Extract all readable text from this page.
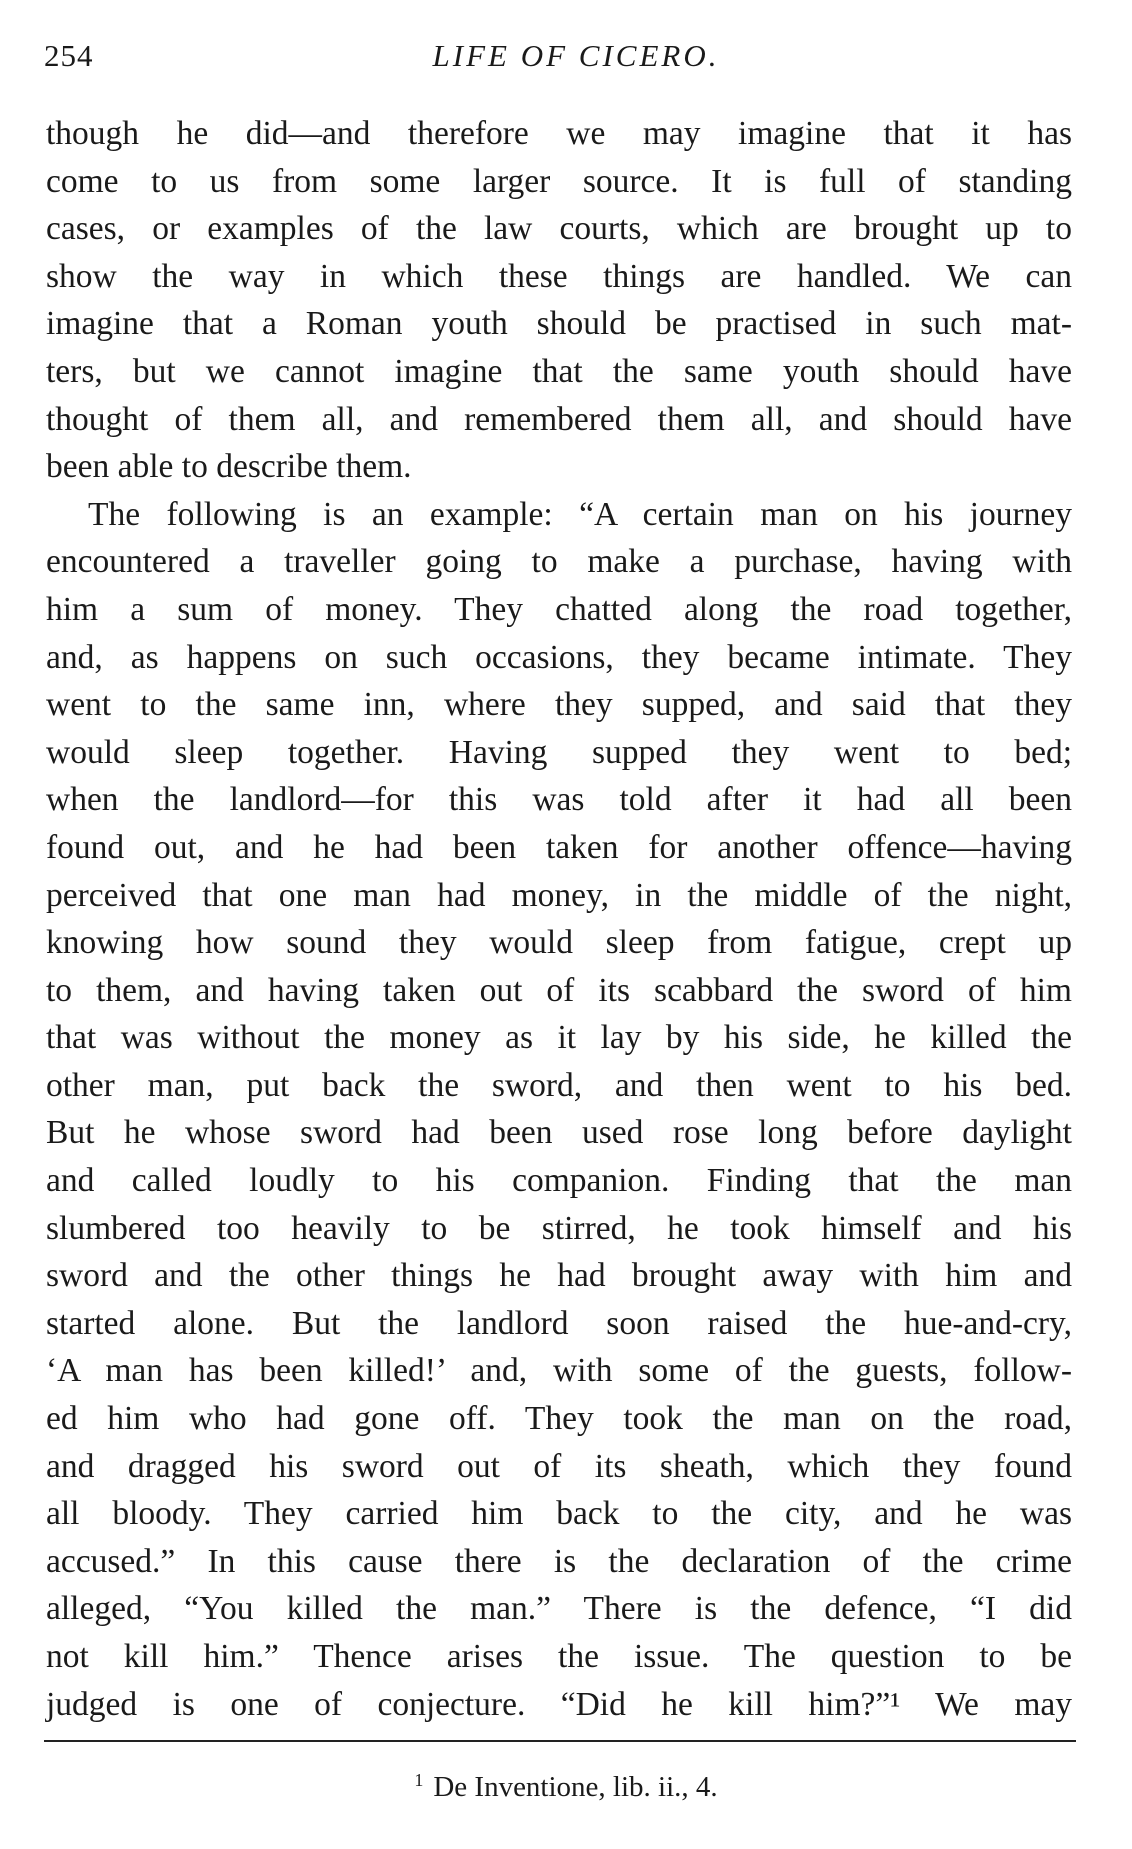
254	LIFE OF CICERO.

though he did—and therefore we may imagine that it has
come to us from some larger source. It is full of standing
cases, or examples of the law courts, which are brought up to
show the way in which these things are handled. We can
imagine that a Roman youth should be practised in such mat-
ters, but we cannot imagine that the same youth should have
thought of them all, and remembered them all, and should have
been able to describe them.

The following is an example: “A certain man on his journey
encountered a traveller going to make a purchase, having with
him a sum of money. They chatted along the road together,
and, as happens on such occasions, they became intimate. They
went to the same inn, where they supped, and said that they
would sleep together. Having supped they went to bed;
when the landlord—for this was told after it had all been
found out, and he had been taken for another offence—having
perceived that one man had money, in the middle of the night,
knowing how sound they would sleep from fatigue, crept up
to them, and having taken out of its scabbard the sword of him
that was without the money as it lay by his side, he killed the
other man, put back the sword, and then went to his bed.
But he whose sword had been used rose long before daylight
and called loudly to his companion. Finding that the man
slumbered too heavily to be stirred, he took himself and his
sword and the other things he had brought away with him and
started alone. But the landlord soon raised the hue-and-cry,
‘A man has been killed!’ and, with some of the guests, follow-
ed him who had gone off. They took the man on the road,
and dragged his sword out of its sheath, which they found
all bloody. They carried him back to the city, and he was
accused.” In this cause there is the declaration of the crime
alleged, “You killed the man.” There is the defence, “I did
not kill him.” Thence arises the issue. The question to be
judged is one of conjecture. “Did he kill him?”¹ We may

$^1$ De Inventione, lib. ii., 4.
